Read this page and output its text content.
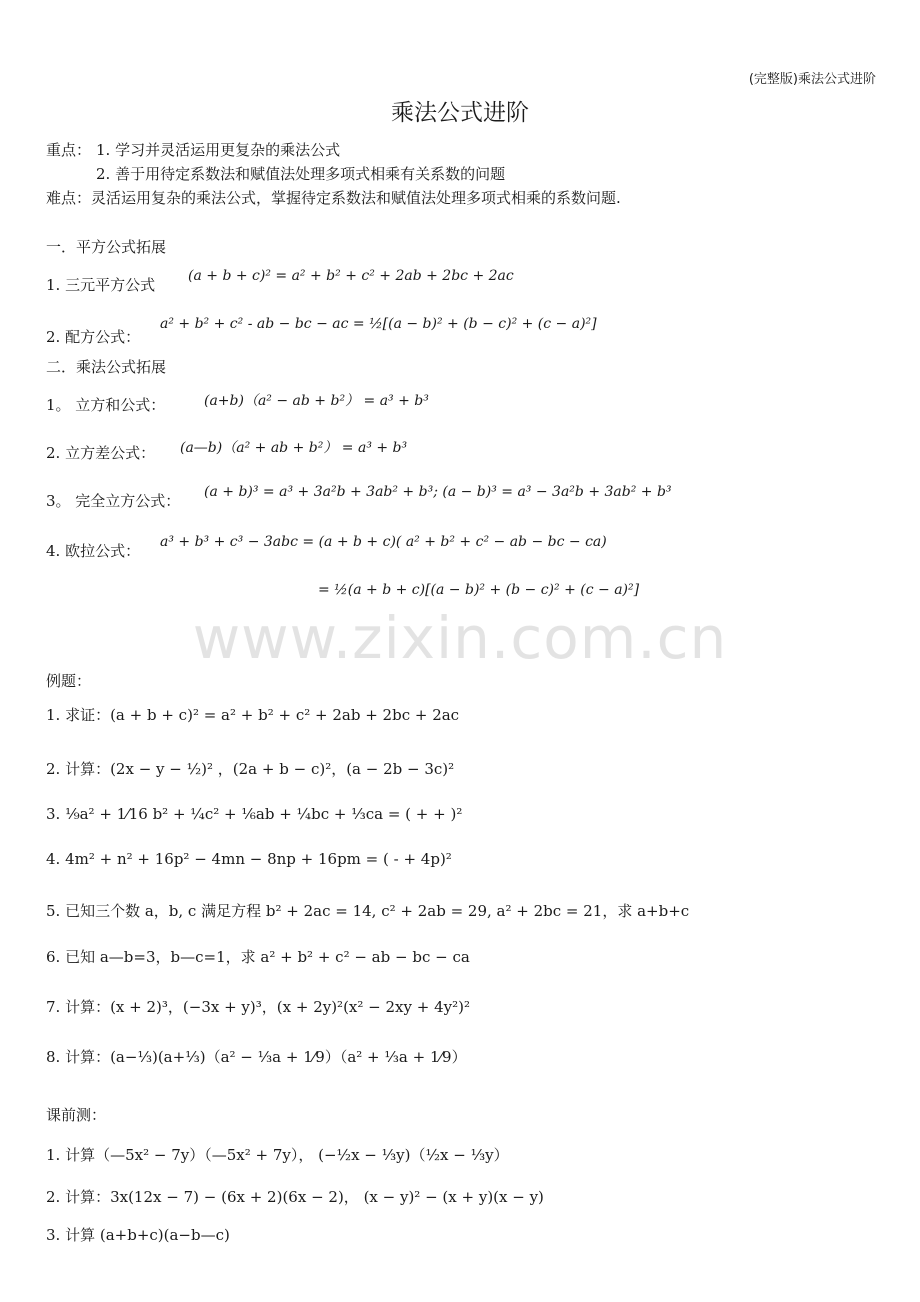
(完整版)乘法公式进阶
乘法公式进阶
www.zixin.com.cn
重点： 1. 学习并灵活运用更复杂的乘法公式
2. 善于用待定系数法和赋值法处理多项式相乘有关系数的问题
难点：灵活运用复杂的乘法公式，掌握待定系数法和赋值法处理多项式相乘的系数问题.
一．平方公式拓展
1. 三元平方公式 (a + b + c)² = a² + b² + c² + 2ab + 2bc + 2ac
2. 配方公式：
a² + b² + c² - ab − bc − ac = ½[(a − b)² + (b − c)² + (c − a)²]
二．乘法公式拓展
1。 立方和公式：	(a+b)（a² − ab + b²） = a³ + b³
2. 立方差公式： (a—b)（a² + ab + b²） = a³ + b³
3。 完全立方公式： (a + b)³ = a³ + 3a²b + 3ab² + b³; (a − b)³ = a³ − 3a²b + 3ab² + b³
4. 欧拉公式： a³ + b³ + c³ − 3abc = (a + b + c)( a² + b² + c² − ab − bc − ca)
= ½(a + b + c)[(a − b)² + (b − c)² + (c − a)²]
例题：
1. 求证：(a + b + c)² = a² + b² + c² + 2ab + 2bc + 2ac
2. 计算：(2x − y − ½)² ，(2a + b − c)²，(a − 2b − 3c)²
3. ⅑a² + 1⁄16 b² + ¼c² + ⅙ab + ¼bc + ⅓ca = ( + + )²
4. 4m² + n² + 16p² − 4mn − 8np + 16pm = ( - + 4p)²
5. 已知三个数 a，b, c 满足方程 b² + 2ac = 14, c² + 2ab = 29, a² + 2bc = 21，求 a+b+c
6. 已知 a—b=3，b—c=1，求 a² + b² + c² − ab − bc − ca
7. 计算：(x + 2)³，(−3x + y)³，(x + 2y)²(x² − 2xy + 4y²)²
8. 计算：(a−⅓)(a+⅓)（a² − ⅓a + 1⁄9）（a² + ⅓a + 1⁄9）
课前测：
1. 计算（—5x² − 7y）（—5x² + 7y）， (−½x − ⅓y)（½x − ⅓y）
2. 计算：3x(12x − 7) − (6x + 2)(6x − 2)， (x − y)² − (x + y)(x − y)
3. 计算 (a+b+c)(a−b—c)
